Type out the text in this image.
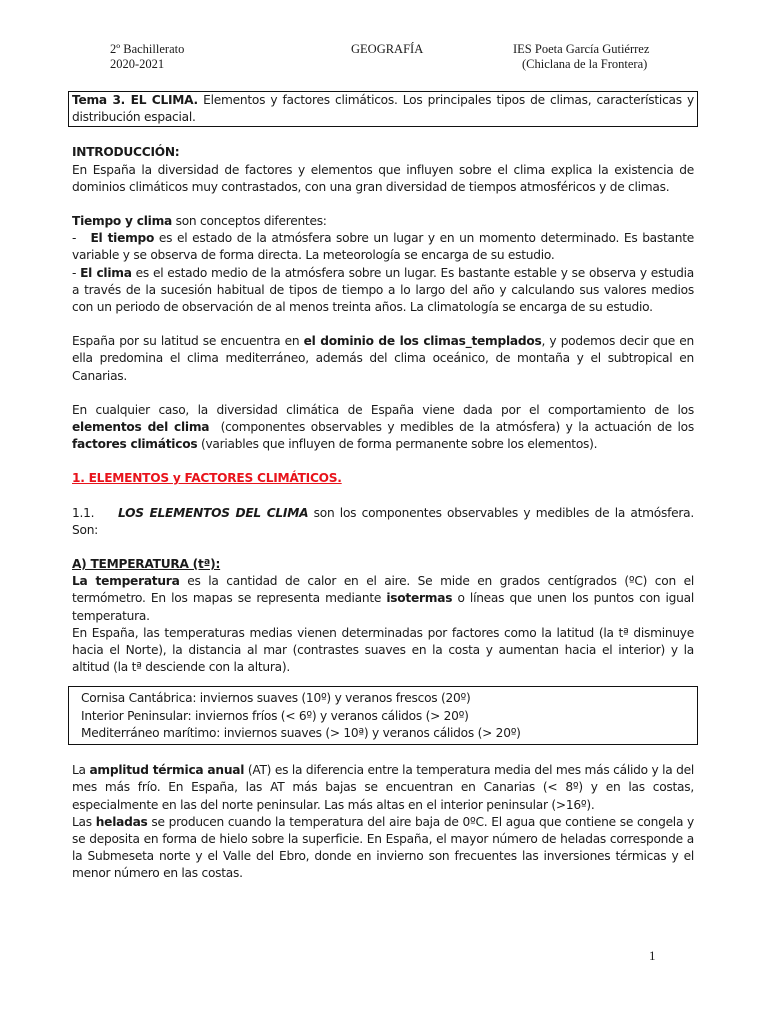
2º Bachillerato
2020-2021
GEOGRAFÍA	IES Poeta García Gutiérrez
(Chiclana de la Frontera)

Tema 3. EL CLIMA. Elementos y factores climáticos. Los principales tipos de climas, características y distribución espacial.

INTRODUCCIÓN:

En España la diversidad de factores y elementos que influyen sobre el clima explica la existencia de dominios climáticos muy contrastados, con una gran diversidad de tiempos atmosféricos y de climas.

Tiempo y clima son conceptos diferentes:

-   El tiempo es el estado de la atmósfera sobre un lugar y en un momento determinado. Es bastante variable y se observa de forma directa. La meteorología se encarga de su estudio.

- El clima es el estado medio de la atmósfera sobre un lugar. Es bastante estable y se observa y estudia a través de la sucesión habitual de tipos de tiempo a lo largo del año y calculando sus valores medios con un periodo de observación de al menos treinta años. La climatología se encarga de su estudio.

España por su latitud se encuentra en el dominio de los climas_templados, y podemos decir que en ella predomina el clima mediterráneo, además del clima oceánico, de montaña y el subtropical en Canarias.

En cualquier caso, la diversidad climática de España viene dada por el comportamiento de los elementos del clima  (componentes observables y medibles de la atmósfera) y la actuación de los factores climáticos (variables que influyen de forma permanente sobre los elementos).

1. ELEMENTOS y FACTORES CLIMÁTICOS.

1.1. LOS ELEMENTOS DEL CLIMA son los componentes observables y medibles de la atmósfera. Son:

A) TEMPERATURA (tª):

La temperatura es la cantidad de calor en el aire. Se mide en grados centígrados (ºC) con el termómetro. En los mapas se representa mediante isotermas o líneas que unen los puntos con igual temperatura.

En España, las temperaturas medias vienen determinadas por factores como la latitud (la tª disminuye hacia el Norte), la distancia al mar (contrastes suaves en la costa y aumentan hacia el interior) y la altitud (la tª desciende con la altura).

Cornisa Cantábrica: inviernos suaves (10º) y veranos frescos (20º)
Interior Peninsular: inviernos fríos (< 6º) y veranos cálidos (> 20º)
Mediterráneo marítimo: inviernos suaves (> 10ª) y veranos cálidos (> 20º)

La amplitud térmica anual (AT) es la diferencia entre la temperatura media del mes más cálido y la del mes más frío. En España, las AT más bajas se encuentran en Canarias (< 8º) y en las costas, especialmente en las del norte peninsular. Las más altas en el interior peninsular (>16º).

Las heladas se producen cuando la temperatura del aire baja de 0ºC. El agua que contiene se congela y se deposita en forma de hielo sobre la superficie. En España, el mayor número de heladas corresponde a la Submeseta norte y el Valle del Ebro, donde en invierno son frecuentes las inversiones térmicas y el menor número en las costas.

1
